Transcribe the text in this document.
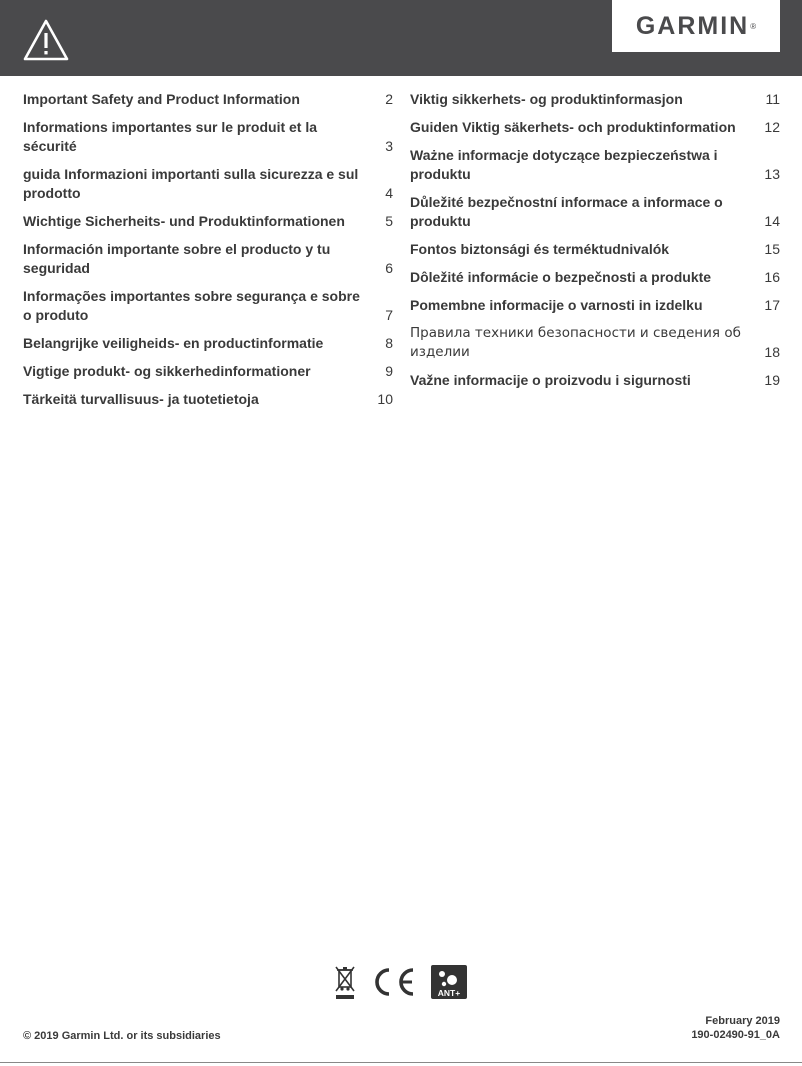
GARMIN ®
Important Safety and Product Information	2
Informations importantes sur le produit et la sécurité	3
guida Informazioni importanti sulla sicurezza e sul prodotto	4
Wichtige Sicherheits- und Produktinformationen	5
Información importante sobre el producto y tu seguridad	6
Informações importantes sobre segurança e sobre o produto	7
Belangrijke veiligheids- en productinformatie	8
Vigtige produkt- og sikkerhedinformationer	9
Tärkeitä turvallisuus- ja tuotetietoja	10
Viktig sikkerhets- og produktinformasjon	11
Guiden Viktig säkerhets- och produktinformation	12
Ważne informacje dotyczące bezpieczeństwa i produktu	13
Důležité bezpečnostní informace a informace o produktu	14
Fontos biztonsági és terméktudnivalók	15
Dôležité informácie o bezpečnosti a produkte	16
Pomembne informacije o varnosti in izdelku	17
Правила техники безопасности и сведения об изделии	18
Važne informacije o proizvodu i sigurnosti	19
ANT+
© 2019 Garmin Ltd. or its subsidiaries
February 2019
190-02490-91_0A
